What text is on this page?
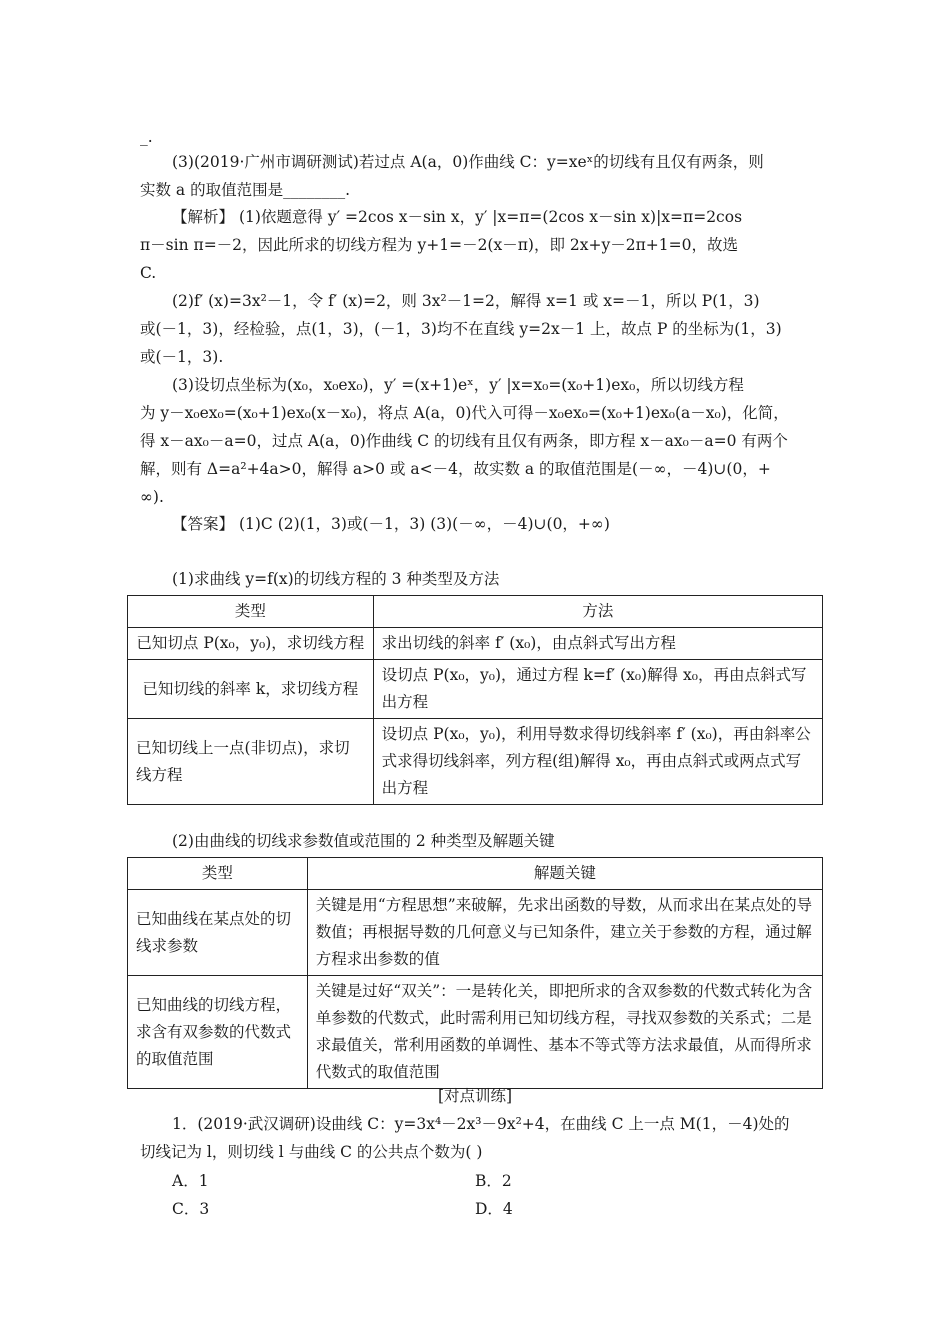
_.
(3)(2019·广州市调研测试)若过点 A(a，0)作曲线 C：y=xeˣ的切线有且仅有两条，则
实数 a 的取值范围是________.
【解析】 (1)依题意得 y′ =2cos x－sin x，y′ |x=π=(2cos x－sin x)|x=π=2cos
π－sin π=－2，因此所求的切线方程为 y+1=－2(x－π)，即 2x+y－2π+1=0，故选
C.
(2)f′ (x)=3x²－1，令 f′ (x)=2，则 3x²－1=2，解得 x=1 或 x=－1，所以 P(1，3)
或(－1，3)，经检验，点(1，3)，(－1，3)均不在直线 y=2x－1 上，故点 P 的坐标为(1，3)
或(－1，3).
(3)设切点坐标为(x₀，x₀ex₀)，y′ =(x+1)eˣ，y′ |x=x₀=(x₀+1)ex₀，所以切线方程
为 y－x₀ex₀=(x₀+1)ex₀(x－x₀)，将点 A(a，0)代入可得－x₀ex₀=(x₀+1)ex₀(a－x₀)，化简，
得 x－ax₀－a=0，过点 A(a，0)作曲线 C 的切线有且仅有两条，即方程 x－ax₀－a=0 有两个
解，则有 Δ=a²+4a>0，解得 a>0 或 a<－4，故实数 a 的取值范围是(－∞，－4)∪(0，+
∞).
【答案】 (1)C (2)(1，3)或(－1，3) (3)(－∞，－4)∪(0，+∞)
(1)求曲线 y=f(x)的切线方程的 3 种类型及方法
类型	方法
已知切点 P(x₀，y₀)，求切线方程	求出切线的斜率 f′ (x₀)，由点斜式写出方程
已知切线的斜率 k，求切线方程	设切点 P(x₀，y₀)，通过方程 k=f′ (x₀)解得 x₀，再由点斜式写出方程
已知切线上一点(非切点)，求切线方程	设切点 P(x₀，y₀)，利用导数求得切线斜率 f′ (x₀)，再由斜率公式求得切线斜率，列方程(组)解得 x₀，再由点斜式或两点式写出方程
(2)由曲线的切线求参数值或范围的 2 种类型及解题关键
类型	解题关键
已知曲线在某点处的切线求参数	关键是用“方程思想”来破解，先求出函数的导数，从而求出在某点处的导数值；再根据导数的几何意义与已知条件，建立关于参数的方程，通过解方程求出参数的值
已知曲线的切线方程，求含有双参数的代数式的取值范围	关键是过好“双关”：一是转化关，即把所求的含双参数的代数式转化为含单参数的代数式，此时需利用已知切线方程，寻找双参数的关系式；二是求最值关，常利用函数的单调性、基本不等式等方法求最值，从而得所求代数式的取值范围
[对点训练]
1．(2019·武汉调研)设曲线 C：y=3x⁴－2x³－9x²+4，在曲线 C 上一点 M(1，－4)处的
切线记为 l，则切线 l 与曲线 C 的公共点个数为( )
A．1	B．2
C．3	D．4
